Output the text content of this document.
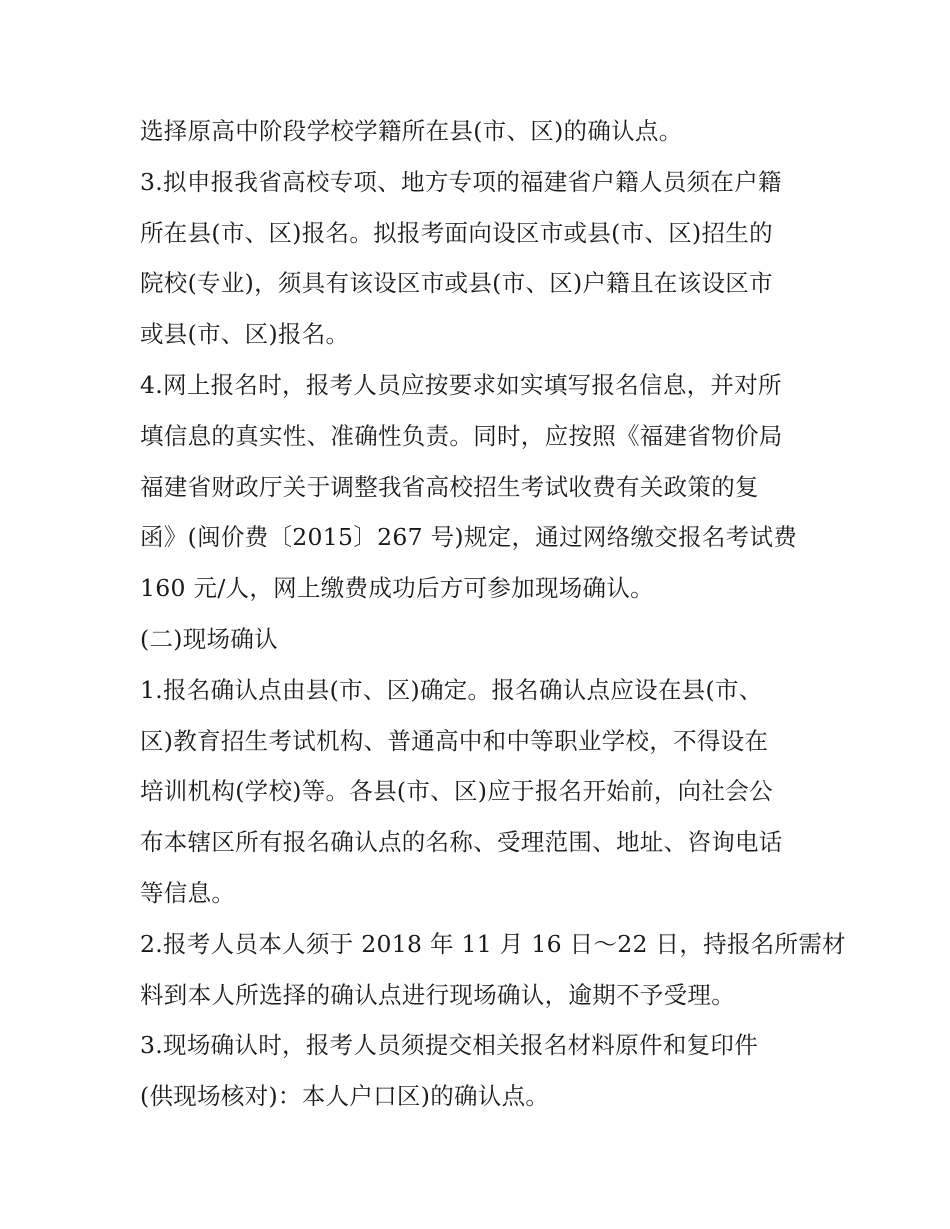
选择原高中阶段学校学籍所在县(市、区)的确认点。
3.拟申报我省高校专项、地方专项的福建省户籍人员须在户籍
所在县(市、区)报名。拟报考面向设区市或县(市、区)招生的
院校(专业)，须具有该设区市或县(市、区)户籍且在该设区市
或县(市、区)报名。
4.网上报名时，报考人员应按要求如实填写报名信息，并对所
填信息的真实性、准确性负责。同时，应按照《福建省物价局
福建省财政厅关于调整我省高校招生考试收费有关政策的复
函》(闽价费〔2015〕267 号)规定，通过网络缴交报名考试费
160 元/人，网上缴费成功后方可参加现场确认。
(二)现场确认
1.报名确认点由县(市、区)确定。报名确认点应设在县(市、
区)教育招生考试机构、普通高中和中等职业学校，不得设在
培训机构(学校)等。各县(市、区)应于报名开始前，向社会公
布本辖区所有报名确认点的名称、受理范围、地址、咨询电话
等信息。
2.报考人员本人须于 2018 年 11 月 16 日～22 日，持报名所需材
料到本人所选择的确认点进行现场确认，逾期不予受理。
3.现场确认时，报考人员须提交相关报名材料原件和复印件
(供现场核对)：本人户口区)的确认点。
